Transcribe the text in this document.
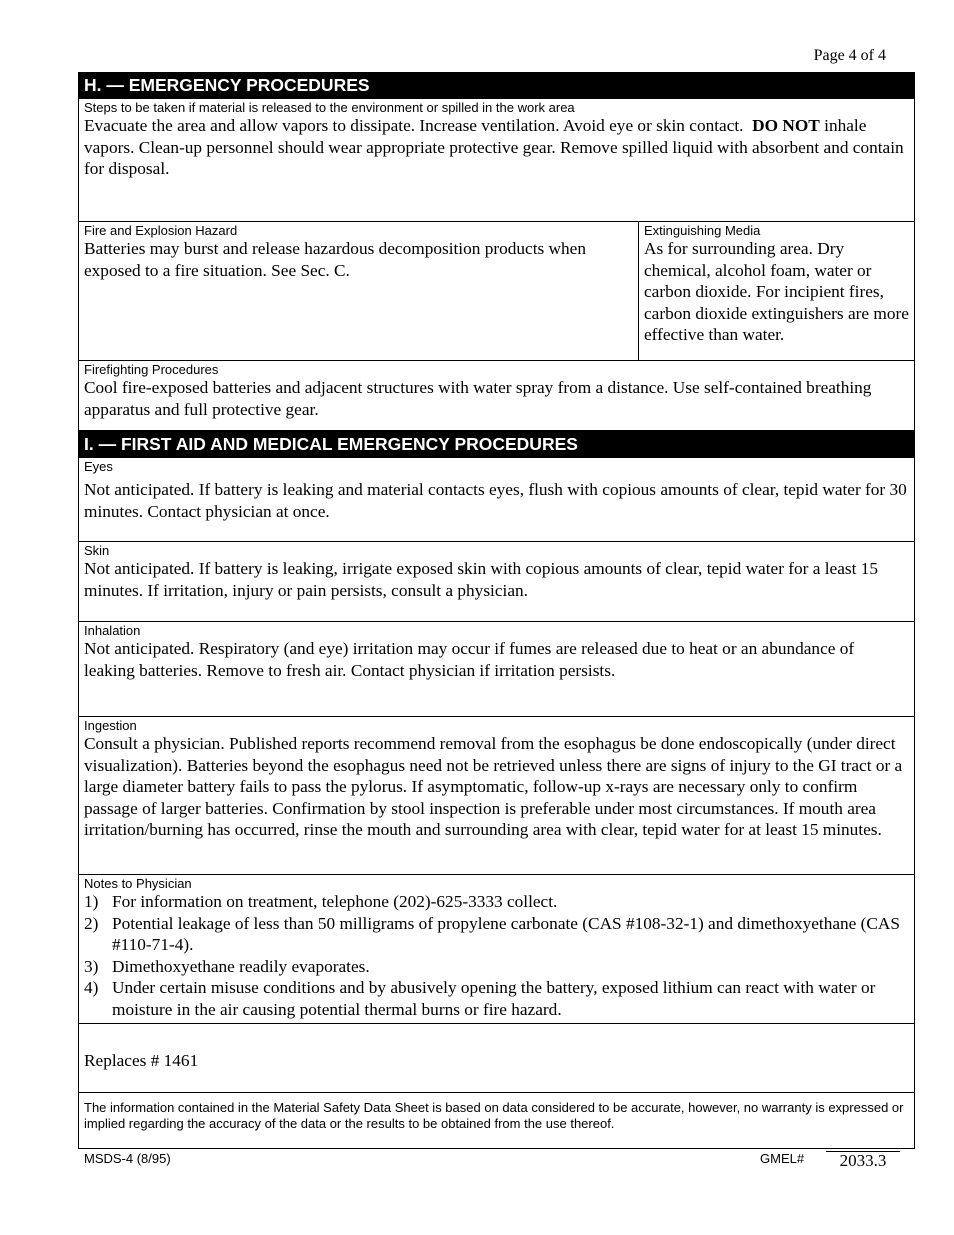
Page 4 of 4
H. — EMERGENCY PROCEDURES
Steps to be taken if material is released to the environment or spilled in the work area
Evacuate the area and allow vapors to dissipate. Increase ventilation. Avoid eye or skin contact. DO NOT inhale vapors. Clean-up personnel should wear appropriate protective gear. Remove spilled liquid with absorbent and contain for disposal.
Fire and Explosion Hazard
Batteries may burst and release hazardous decomposition products when exposed to a fire situation. See Sec. C.
Extinguishing Media
As for surrounding area. Dry chemical, alcohol foam, water or carbon dioxide. For incipient fires, carbon dioxide extinguishers are more effective than water.
Firefighting Procedures
Cool fire-exposed batteries and adjacent structures with water spray from a distance. Use self-contained breathing apparatus and full protective gear.
I. — FIRST AID AND MEDICAL EMERGENCY PROCEDURES
Eyes
Not anticipated. If battery is leaking and material contacts eyes, flush with copious amounts of clear, tepid water for 30 minutes. Contact physician at once.
Skin
Not anticipated. If battery is leaking, irrigate exposed skin with copious amounts of clear, tepid water for a least 15 minutes. If irritation, injury or pain persists, consult a physician.
Inhalation
Not anticipated. Respiratory (and eye) irritation may occur if fumes are released due to heat or an abundance of leaking batteries. Remove to fresh air. Contact physician if irritation persists.
Ingestion
Consult a physician. Published reports recommend removal from the esophagus be done endoscopically (under direct visualization). Batteries beyond the esophagus need not be retrieved unless there are signs of injury to the GI tract or a large diameter battery fails to pass the pylorus. If asymptomatic, follow-up x-rays are necessary only to confirm passage of larger batteries. Confirmation by stool inspection is preferable under most circumstances. If mouth area irritation/burning has occurred, rinse the mouth and surrounding area with clear, tepid water for at least 15 minutes.
Notes to Physician
1) For information on treatment, telephone (202)-625-3333 collect.
2) Potential leakage of less than 50 milligrams of propylene carbonate (CAS #108-32-1) and dimethoxyethane (CAS #110-71-4).
3) Dimethoxyethane readily evaporates.
4) Under certain misuse conditions and by abusively opening the battery, exposed lithium can react with water or moisture in the air causing potential thermal burns or fire hazard.
Replaces # 1461
The information contained in the Material Safety Data Sheet is based on data considered to be accurate, however, no warranty is expressed or implied regarding the accuracy of the data or the results to be obtained from the use thereof.
MSDS-4 (8/95)	GMEL#	2033.3
